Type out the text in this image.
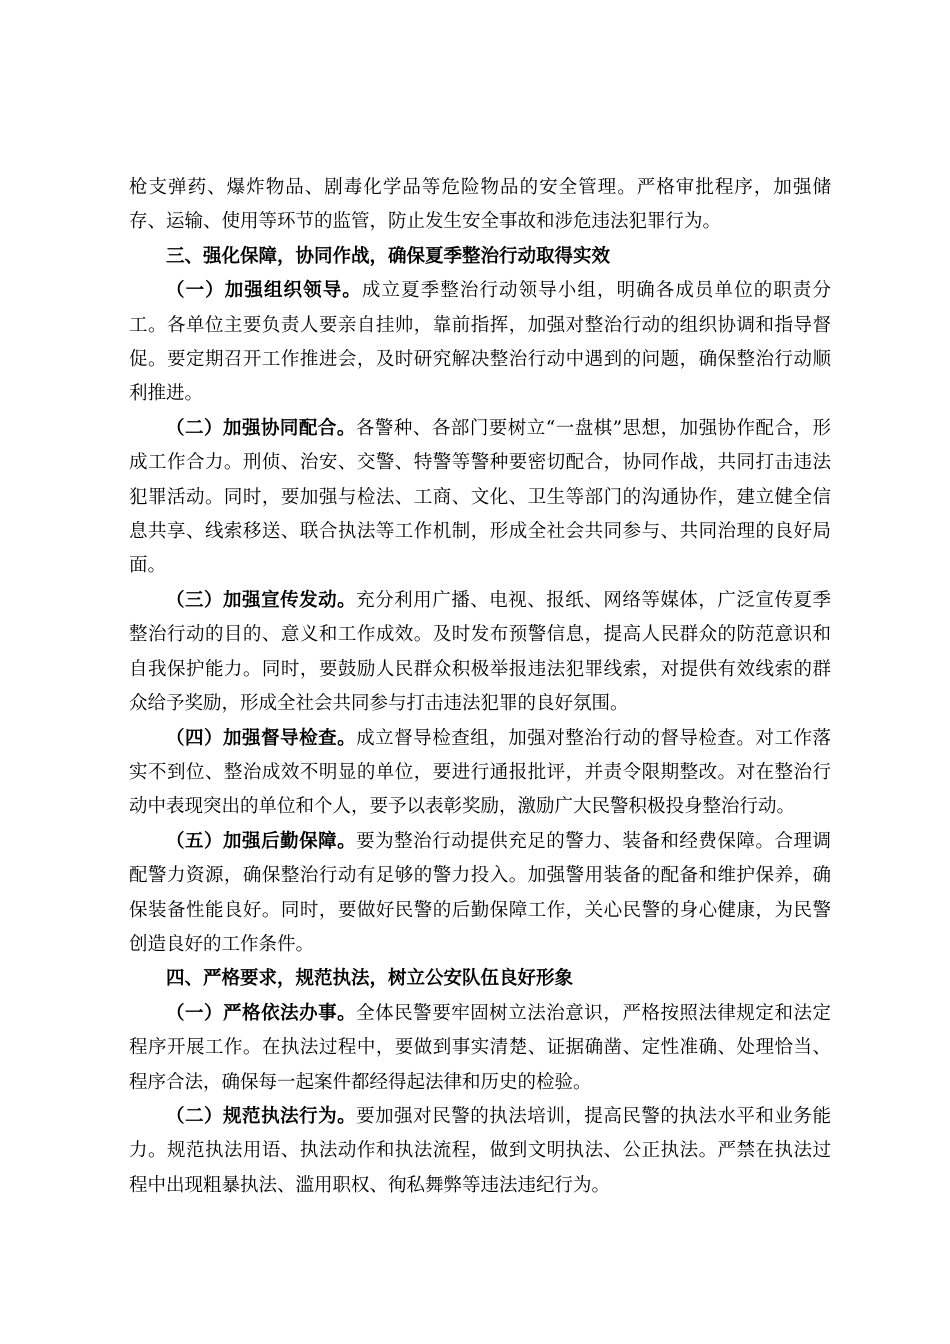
枪支弹药、爆炸物品、剧毒化学品等危险物品的安全管理。严格审批程序，加强储存、运输、使用等环节的监管，防止发生安全事故和涉危违法犯罪行为。

三、强化保障，协同作战，确保夏季整治行动取得实效

（一）加强组织领导。成立夏季整治行动领导小组，明确各成员单位的职责分工。各单位主要负责人要亲自挂帅，靠前指挥，加强对整治行动的组织协调和指导督促。要定期召开工作推进会，及时研究解决整治行动中遇到的问题，确保整治行动顺利推进。

（二）加强协同配合。各警种、各部门要树立“一盘棋”思想，加强协作配合，形成工作合力。刑侦、治安、交警、特警等警种要密切配合，协同作战，共同打击违法犯罪活动。同时，要加强与检法、工商、文化、卫生等部门的沟通协作，建立健全信息共享、线索移送、联合执法等工作机制，形成全社会共同参与、共同治理的良好局面。

（三）加强宣传发动。充分利用广播、电视、报纸、网络等媒体，广泛宣传夏季整治行动的目的、意义和工作成效。及时发布预警信息，提高人民群众的防范意识和自我保护能力。同时，要鼓励人民群众积极举报违法犯罪线索，对提供有效线索的群众给予奖励，形成全社会共同参与打击违法犯罪的良好氛围。

（四）加强督导检查。成立督导检查组，加强对整治行动的督导检查。对工作落实不到位、整治成效不明显的单位，要进行通报批评，并责令限期整改。对在整治行动中表现突出的单位和个人，要予以表彰奖励，激励广大民警积极投身整治行动。

（五）加强后勤保障。要为整治行动提供充足的警力、装备和经费保障。合理调配警力资源，确保整治行动有足够的警力投入。加强警用装备的配备和维护保养，确保装备性能良好。同时，要做好民警的后勤保障工作，关心民警的身心健康，为民警创造良好的工作条件。

四、严格要求，规范执法，树立公安队伍良好形象

（一）严格依法办事。全体民警要牢固树立法治意识，严格按照法律规定和法定程序开展工作。在执法过程中，要做到事实清楚、证据确凿、定性准确、处理恰当、程序合法，确保每一起案件都经得起法律和历史的检验。

（二）规范执法行为。要加强对民警的执法培训，提高民警的执法水平和业务能力。规范执法用语、执法动作和执法流程，做到文明执法、公正执法。严禁在执法过程中出现粗暴执法、滥用职权、徇私舞弊等违法违纪行为。
